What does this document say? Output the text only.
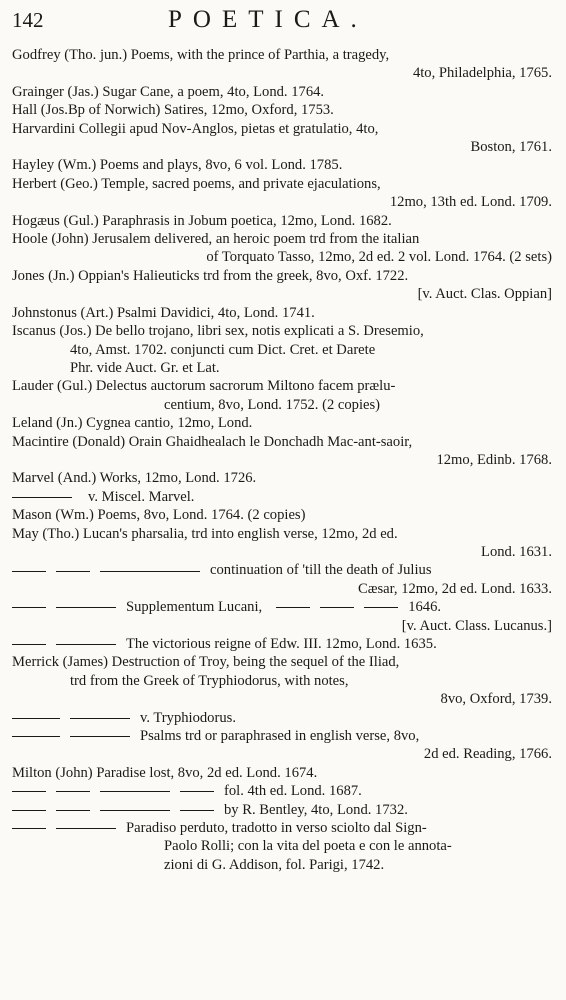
142	POETICA.
Godfrey (Tho. jun.) Poems, with the prince of Parthia, a tragedy,
4to, Philadelphia, 1765.
Grainger (Jas.) Sugar Cane, a poem, 4to, Lond. 1764.
Hall (Jos.Bp of Norwich) Satires, 12mo, Oxford, 1753.
Harvardini Collegii apud Nov-Anglos, pietas et gratulatio, 4to,
Boston, 1761.
Hayley (Wm.) Poems and plays, 8vo, 6 vol. Lond. 1785.
Herbert (Geo.) Temple, sacred poems, and private ejaculations,
12mo, 13th ed. Lond. 1709.
Hogæus (Gul.) Paraphrasis in Jobum poetica, 12mo, Lond. 1682.
Hoole (John) Jerusalem delivered, an heroic poem trd from the italian
of Torquato Tasso, 12mo, 2d ed. 2 vol. Lond. 1764. (2 sets)
Jones (Jn.) Oppian's Halieuticks trd from the greek, 8vo, Oxf. 1722.
[v. Auct. Clas. Oppian]
Johnstonus (Art.) Psalmi Davidici, 4to, Lond. 1741.
Iscanus (Jos.) De bello trojano, libri sex, notis explicati a S. Dresemio,
4to, Amst. 1702. conjuncti cum Dict. Cret. et Darete
Phr. vide Auct. Gr. et Lat.
Lauder (Gul.) Delectus auctorum sacrorum Miltono facem prælu-
centium, 8vo, Lond. 1752. (2 copies)
Leland (Jn.) Cygnea cantio, 12mo, Lond.
Macintire (Donald) Orain Ghaidhealach le Donchadh Mac-ant-saoir,
12mo, Edinb. 1768.
Marvel (And.) Works, 12mo, Lond. 1726.
v. Miscel. Marvel.
Mason (Wm.) Poems, 8vo, Lond. 1764. (2 copies)
May (Tho.) Lucan's pharsalia, trd into english verse, 12mo, 2d ed.
Lond. 1631.
continuation of 'till the death of Julius
Cæsar, 12mo, 2d ed. Lond. 1633.
Supplementum Lucani,	1646.
[v. Auct. Class. Lucanus.]
The victorious reigne of Edw. III. 12mo, Lond. 1635.
Merrick (James) Destruction of Troy, being the sequel of the Iliad,
trd from the Greek of Tryphiodorus, with notes,
8vo, Oxford, 1739.
v. Tryphiodorus.
Psalms trd or paraphrased in english verse, 8vo,
2d ed. Reading, 1766.
Milton (John) Paradise lost, 8vo, 2d ed. Lond. 1674.
fol. 4th ed. Lond. 1687.
by R. Bentley, 4to, Lond. 1732.
Paradiso perduto, tradotto in verso sciolto dal Sign-
Paolo Rolli; con la vita del poeta e con le annota-
zioni di G. Addison, fol. Parigi, 1742.
